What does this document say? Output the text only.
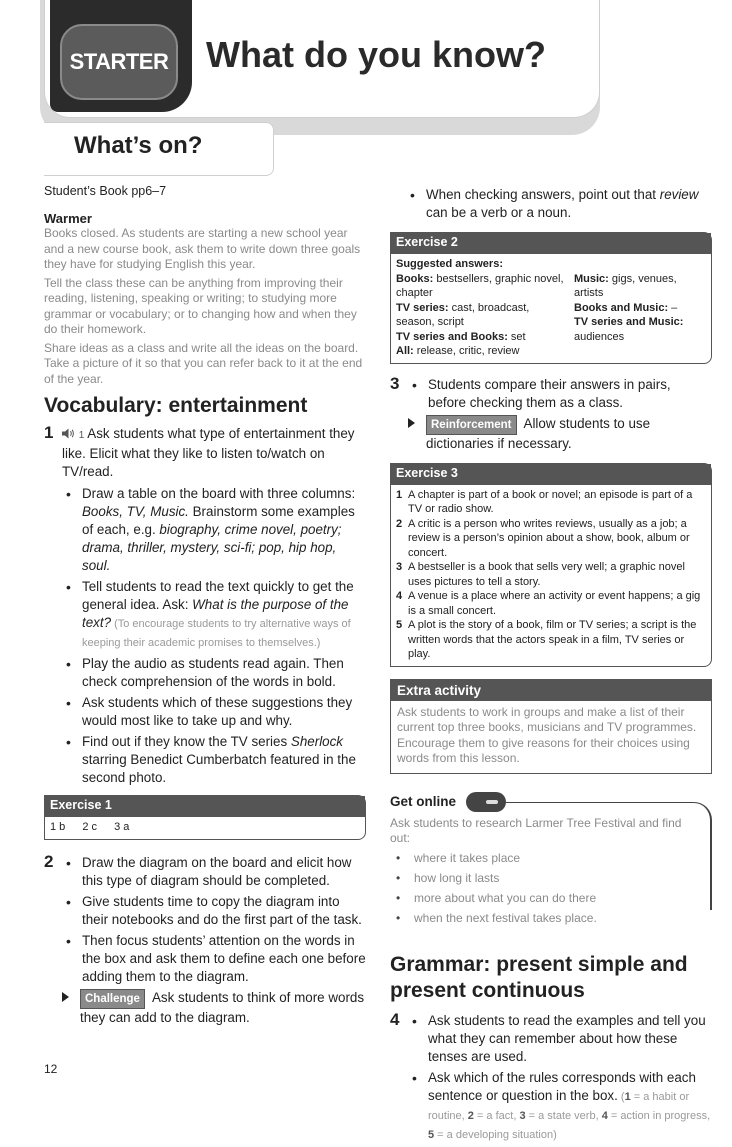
STARTER What do you know?
What’s on?
Student’s Book pp6–7
Warmer

Books closed. As students are starting a new school year and a new course book, ask them to write down three goals they have for studying English this year.

Tell the class these can be anything from improving their reading, listening, speaking or writing; to studying more grammar or vocabulary; or to changing how and when they do their homework.

Share ideas as a class and write all the ideas on the board. Take a picture of it so that you can refer back to it at the end of the year.

Vocabulary: entertainment
1	1 Ask students what type of entertainment they like. Elicit what they like to listen to/watch on TV/read.
• Draw a table on the board with three columns: Books, TV, Music. Brainstorm some examples of each, e.g. biography, crime novel, poetry; drama, thriller, mystery, sci-fi; pop, hip hop, soul.
• Tell students to read the text quickly to get the general idea. Ask: What is the purpose of the text? (To encourage students to try alternative ways of keeping their academic promises to themselves.)
• Play the audio as students read again. Then check comprehension of the words in bold.
• Ask students which of these suggestions they would most like to take up and why.
• Find out if they know the TV series Sherlock starring Benedict Cumberbatch featured in the second photo.
Exercise 1
1 b 2 c 3 a
2	• Draw the diagram on the board and elicit how this type of diagram should be completed.
• Give students time to copy the diagram into their notebooks and do the first part of the task.
• Then focus students’ attention on the words in the box and ask them to define each one before adding them to the diagram.
Challenge Ask students to think of more words they can add to the diagram.
• When checking answers, point out that review can be a verb or a noun.
Exercise 2
Suggested answers:
Books: bestsellers, graphic novel, chapter
TV series: cast, broadcast, season, script
TV series and Books: set
All: release, critic, review
Music: gigs, venues, artists
Books and Music: –
TV series and Music: audiences
3	• Students compare their answers in pairs, before checking them as a class.
Reinforcement Allow students to use dictionaries if necessary.
Exercise 3
1 A chapter is part of a book or novel; an episode is part of a TV or radio show.
2 A critic is a person who writes reviews, usually as a job; a review is a person’s opinion about a show, book, album or concert.
3 A bestseller is a book that sells very well; a graphic novel uses pictures to tell a story.
4 A venue is a place where an activity or event happens; a gig is a small concert.
5 A plot is the story of a book, film or TV series; a script is the written words that the actors speak in a film, TV series or play.
Extra activity
Ask students to work in groups and make a list of their current top three books, musicians and TV programmes. Encourage them to give reasons for their choices using words from this lesson.
Get online
Ask students to research Larmer Tree Festival and find out:
• where it takes place
• how long it lasts
• more about what you can do there
• when the next festival takes place.
Grammar: present simple and present continuous
4	• Ask students to read the examples and tell you what they can remember about how these tenses are used.
• Ask which of the rules corresponds with each sentence or question in the box. (1 = a habit or routine, 2 = a fact, 3 = a state verb, 4 = action in progress, 5 = a developing situation)
12
